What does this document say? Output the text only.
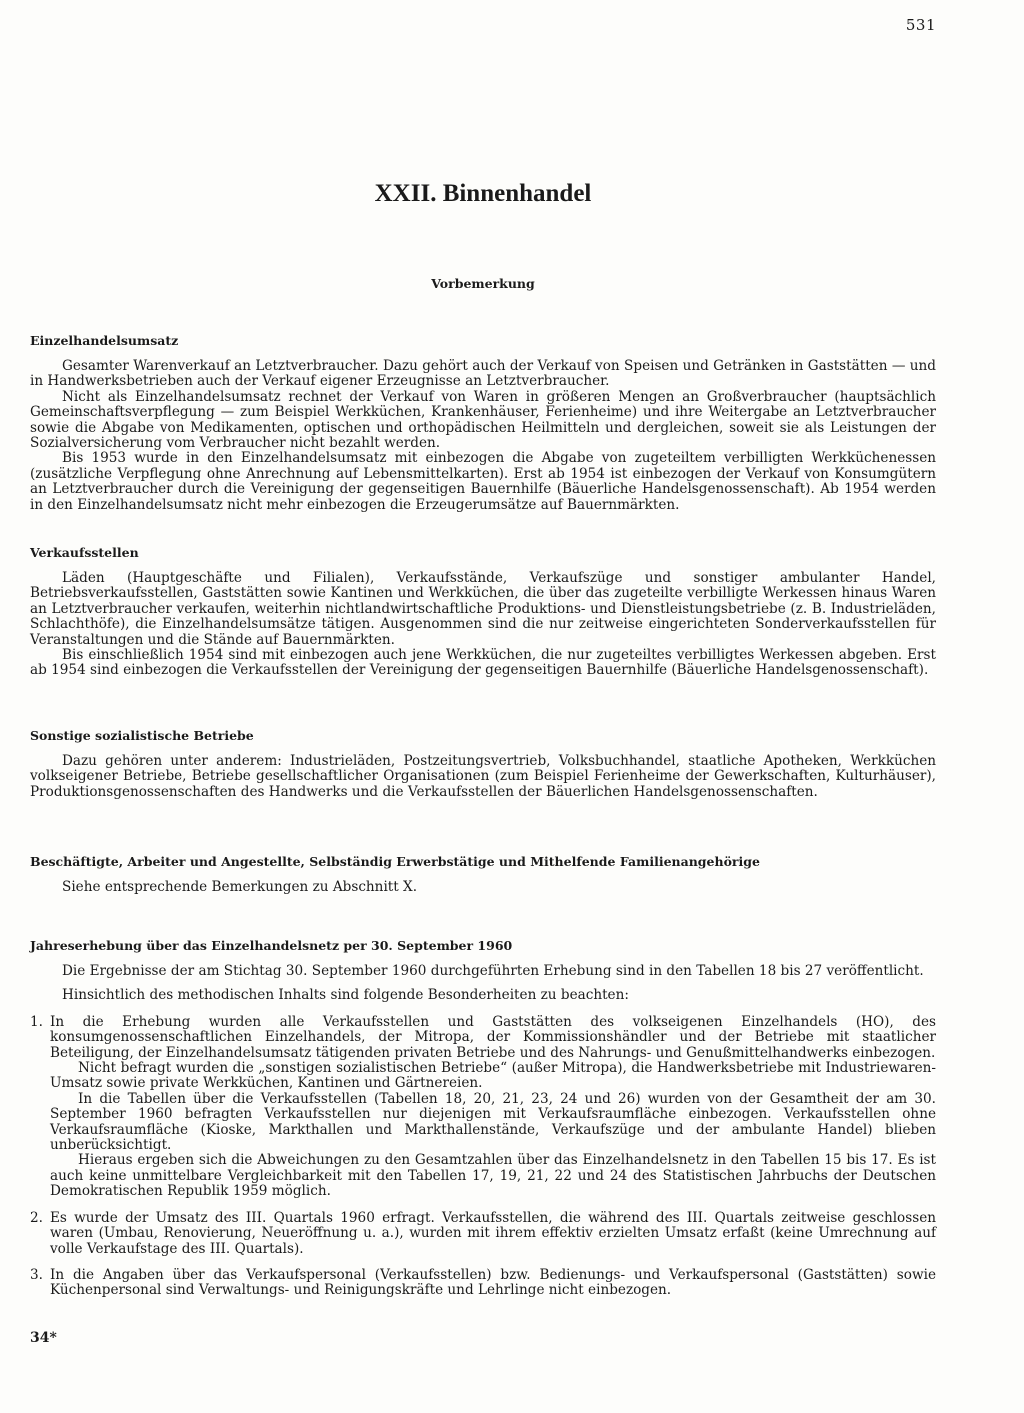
531
XXII. Binnenhandel
Vorbemerkung
Einzelhandelsumsatz

Gesamter Warenverkauf an Letztverbraucher. Dazu gehört auch der Verkauf von Speisen und Getränken in Gaststätten — und in Handwerksbetrieben auch der Verkauf eigener Erzeugnisse an Letztverbraucher.

Nicht als Einzelhandelsumsatz rechnet der Verkauf von Waren in größeren Mengen an Großverbraucher (hauptsächlich Gemeinschaftsverpflegung — zum Beispiel Werkküchen, Krankenhäuser, Ferienheime) und ihre Weitergabe an Letztverbraucher sowie die Abgabe von Medikamenten, optischen und orthopädischen Heilmitteln und dergleichen, soweit sie als Leistungen der Sozialversicherung vom Verbraucher nicht bezahlt werden.

Bis 1953 wurde in den Einzelhandelsumsatz mit einbezogen die Abgabe von zugeteiltem verbilligten Werkküchenessen (zusätzliche Verpflegung ohne Anrechnung auf Lebensmittelkarten). Erst ab 1954 ist einbezogen der Verkauf von Konsumgütern an Letztverbraucher durch die Vereinigung der gegenseitigen Bauernhilfe (Bäuerliche Handelsgenossenschaft). Ab 1954 werden in den Einzelhandelsumsatz nicht mehr einbezogen die Erzeugerumsätze auf Bauernmärkten.

Verkaufsstellen

Läden (Hauptgeschäfte und Filialen), Verkaufsstände, Verkaufszüge und sonstiger ambulanter Handel, Betriebsverkaufsstellen, Gaststätten sowie Kantinen und Werkküchen, die über das zugeteilte verbilligte Werkessen hinaus Waren an Letztverbraucher verkaufen, weiterhin nichtlandwirtschaftliche Produktions- und Dienstleistungsbetriebe (z. B. Industrieläden, Schlachthöfe), die Einzelhandelsumsätze tätigen. Ausgenommen sind die nur zeitweise eingerichteten Sonderverkaufsstellen für Veranstaltungen und die Stände auf Bauernmärkten.

Bis einschließlich 1954 sind mit einbezogen auch jene Werkküchen, die nur zugeteiltes verbilligtes Werkessen abgeben. Erst ab 1954 sind einbezogen die Verkaufsstellen der Vereinigung der gegenseitigen Bauernhilfe (Bäuerliche Handelsgenossenschaft).

Sonstige sozialistische Betriebe

Dazu gehören unter anderem: Industrieläden, Postzeitungsvertrieb, Volksbuchhandel, staatliche Apotheken, Werkküchen volkseigener Betriebe, Betriebe gesellschaftlicher Organisationen (zum Beispiel Ferienheime der Gewerkschaften, Kulturhäuser), Produktionsgenossenschaften des Handwerks und die Verkaufsstellen der Bäuerlichen Handelsgenossenschaften.

Beschäftigte, Arbeiter und Angestellte, Selbständig Erwerbstätige und Mithelfende Familienangehörige

Siehe entsprechende Bemerkungen zu Abschnitt X.

Jahreserhebung über das Einzelhandelsnetz per 30. September 1960

Die Ergebnisse der am Stichtag 30. September 1960 durchgeführten Erhebung sind in den Tabellen 18 bis 27 veröffentlicht.

Hinsichtlich des methodischen Inhalts sind folgende Besonderheiten zu beachten:

1. In die Erhebung wurden alle Verkaufsstellen und Gaststätten des volkseigenen Einzelhandels (HO), des konsumgenossenschaftlichen Einzelhandels, der Mitropa, der Kommissionshändler und der Betriebe mit staatlicher Beteiligung, der Einzelhandelsumsatz tätigenden privaten Betriebe und des Nahrungs- und Genußmittelhandwerks einbezogen.

Nicht befragt wurden die „sonstigen sozialistischen Betriebe“ (außer Mitropa), die Handwerksbetriebe mit Industriewaren-Umsatz sowie private Werkküchen, Kantinen und Gärtnereien.

In die Tabellen über die Verkaufsstellen (Tabellen 18, 20, 21, 23, 24 und 26) wurden von der Gesamtheit der am 30. September 1960 befragten Verkaufsstellen nur diejenigen mit Verkaufsraumfläche einbezogen. Verkaufsstellen ohne Verkaufsraumfläche (Kioske, Markthallen und Markthallenstände, Verkaufszüge und der ambulante Handel) blieben unberücksichtigt.

Hieraus ergeben sich die Abweichungen zu den Gesamtzahlen über das Einzelhandelsnetz in den Tabellen 15 bis 17. Es ist auch keine unmittelbare Vergleichbarkeit mit den Tabellen 17, 19, 21, 22 und 24 des Statistischen Jahrbuchs der Deutschen Demokratischen Republik 1959 möglich.

2. Es wurde der Umsatz des III. Quartals 1960 erfragt. Verkaufsstellen, die während des III. Quartals zeitweise geschlossen waren (Umbau, Renovierung, Neueröffnung u. a.), wurden mit ihrem effektiv erzielten Umsatz erfaßt (keine Umrechnung auf volle Verkaufstage des III. Quartals).

3. In die Angaben über das Verkaufspersonal (Verkaufsstellen) bzw. Bedienungs- und Verkaufspersonal (Gaststätten) sowie Küchenpersonal sind Verwaltungs- und Reinigungskräfte und Lehrlinge nicht einbezogen.

34*
